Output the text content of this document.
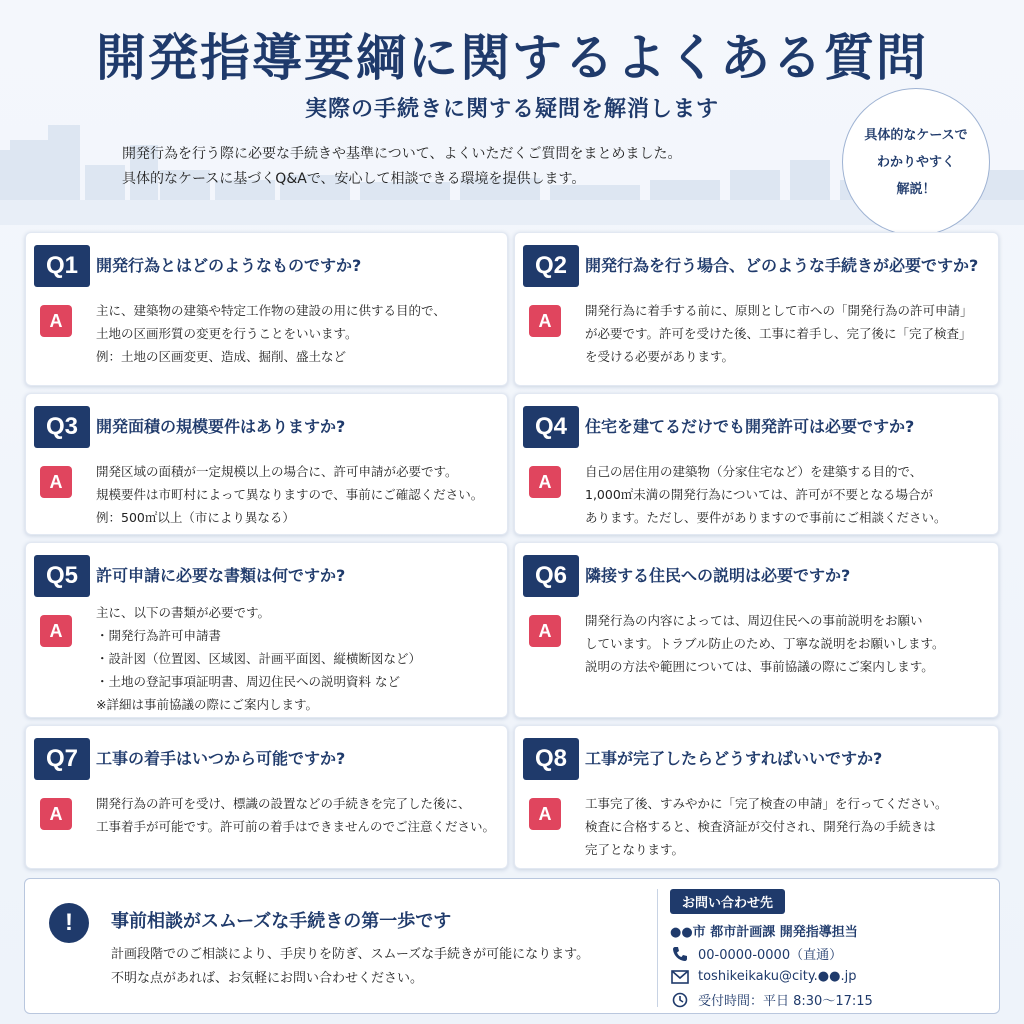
開発指導要綱に関するよくある質問
実際の手続きに関する疑問を解消します
開発行為を行う際に必要な手続きや基準について、よくいただくご質問をまとめました。
具体的なケースに基づくQ&Aで、安心して相談できる環境を提供します。
具体的なケースで
わかりやすく
解説！
Q1	開発行為とはどのようなものですか?
A	主に、建築物の建築や特定工作物の建設の用に供する目的で、
土地の区画形質の変更を行うことをいいます。
例：土地の区画変更、造成、掘削、盛土など
Q2	開発行為を行う場合、どのような手続きが必要ですか?
A	開発行為に着手する前に、原則として市への「開発行為の許可申請」
が必要です。許可を受けた後、工事に着手し、完了後に「完了検査」
を受ける必要があります。
Q3	開発面積の規模要件はありますか?
A	開発区域の面積が一定規模以上の場合に、許可申請が必要です。
規模要件は市町村によって異なりますので、事前にご確認ください。
例：500㎡以上（市により異なる）
Q4	住宅を建てるだけでも開発許可は必要ですか?
A	自己の居住用の建築物（分家住宅など）を建築する目的で、
1,000㎡未満の開発行為については、許可が不要となる場合が
あります。ただし、要件がありますので事前にご相談ください。
Q5	許可申請に必要な書類は何ですか?
A
主に、以下の書類が必要です。
・開発行為許可申請書
・設計図（位置図、区域図、計画平面図、縦横断図など）
・土地の登記事項証明書、周辺住民への説明資料 など
※詳細は事前協議の際にご案内します。
Q6	隣接する住民への説明は必要ですか?
A	開発行為の内容によっては、周辺住民への事前説明をお願い
しています。トラブル防止のため、丁寧な説明をお願いします。
説明の方法や範囲については、事前協議の際にご案内します。
Q7	工事の着手はいつから可能ですか?
A	開発行為の許可を受け、標識の設置などの手続きを完了した後に、
工事着手が可能です。許可前の着手はできませんのでご注意ください。
Q8	工事が完了したらどうすればいいですか?
A	工事完了後、すみやかに「完了検査の申請」を行ってください。
検査に合格すると、検査済証が交付され、開発行為の手続きは
完了となります。
!	事前相談がスムーズな手続きの第一歩です
計画段階でのご相談により、手戻りを防ぎ、スムーズな手続きが可能になります。
不明な点があれば、お気軽にお問い合わせください。
お問い合わせ先
●●市 都市計画課 開発指導担当
00-0000-0000（直通）
toshikeikaku@city.●●.jp
受付時間：平日 8:30〜17:15
